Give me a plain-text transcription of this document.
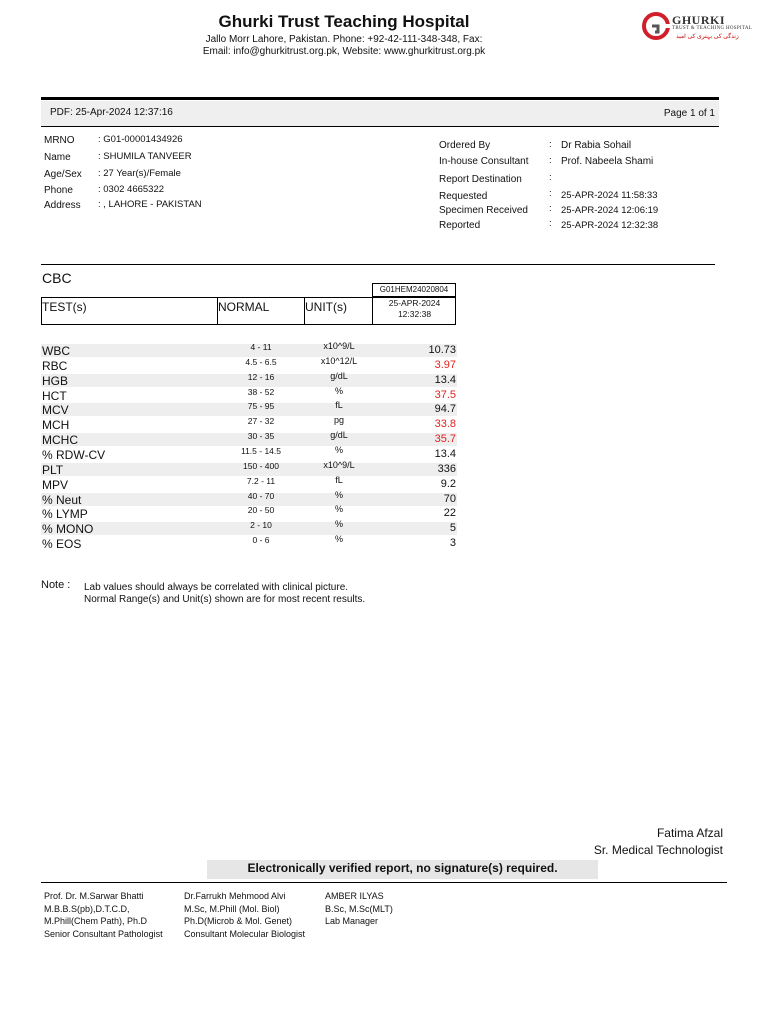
Ghurki Trust Teaching Hospital
Jallo Morr Lahore, Pakistan. Phone: +92-42-111-348-348, Fax:
Email: info@ghurkitrust.org.pk, Website: www.ghurkitrust.org.pk
GHURKI
TRUST & TEACHING HOSPITAL
زندگی کی بہتری کی امید
PDF: 25-Apr-2024 12:37:16	Page 1 of 1
MRNO : G01-00001434926
Name	: SHUMILA TANVEER
Age/Sex : 27 Year(s)/Female
Phone	: 0302 4665322
Address : , LAHORE - PAKISTAN
Ordered By	: Dr Rabia Sohail
In-house Consultant : Prof. Nabeela Shami
Report Destination	:
Requested	: 25-APR-2024 11:58:33
Specimen Received : 25-APR-2024 12:06:19
Reported	: 25-APR-2024 12:32:38
CBC
G01HEM24020804
TEST(s)	NORMAL	UNIT(s)	25-APR-2024
12:32:38
WBC	4 - 11	x10^9/L	10.73
RBC	4.5 - 6.5	x10^12/L	3.97
HGB	12 - 16	g/dL	13.4
HCT	38 - 52	%	37.5
MCV	75 - 95	fL	94.7
MCH	27 - 32	pg	33.8
MCHC	30 - 35	g/dL	35.7
% RDW-CV	11.5 - 14.5	%	13.4
PLT	150 - 400	x10^9/L	336
MPV	7.2 - 11	fL	9.2
% Neut	40 - 70	%	70
% LYMP	20 - 50	%	22
% MONO	2 - 10	%	5
% EOS	0 - 6	%	3
Note : Lab values should always be correlated with clinical picture.
Normal Range(s) and Unit(s) shown are for most recent results.
Fatima Afzal
Sr. Medical Technologist
Electronically verified report, no signature(s) required.
Prof. Dr. M.Sarwar Bhatti
M.B.B.S(pb),D.T.C.D,
M.Phill(Chem Path), Ph.D
Senior Consultant Pathologist
Dr.Farrukh Mehmood Alvi
M.Sc, M.Phill (Mol. Biol)
Ph.D(Microb & Mol. Genet)
Consultant Molecular Biologist
AMBER ILYAS
B.Sc, M.Sc(MLT)
Lab Manager
